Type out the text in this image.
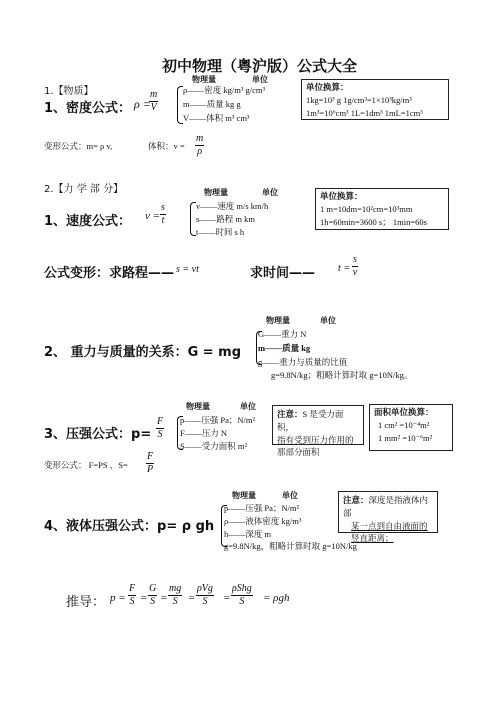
初中物理（粤沪版）公式大全
1.【物质】
1、密度公式： ρ =
$\frac{m}{V}$
物理量	单位
ρ——密度 kg/m³ g/cm³
m——质量 kg g
V——体积 m³ cm³
单位换算：
1kg=10³ g 1g/cm³=1×10³kg/m³
1m³=10⁶cm³ 1L=1dm³ 1mL=1cm³
变形公式：m= ρ v,	体积：$v = \frac{m}{\rho}$
2.【力 学 部 分】
1、速度公式： $v = \frac{s}{t}$
物理量	单位
v——速度 m/s km/h
s——路程 m km
t——时间 s h
单位换算：
1 m=10dm=10²cm=10³mm
1h=60min=3600 s； 1min=60s
公式变形：求路程—— s = vt	求时间—— $t = \frac{s}{v}$
物理量	单位
2、 重力与质量的关系：G = mg
G——重力 N
m——质量 kg
g——重力与质量的比值
g=9.8N/kg；粗略计算时取 g=10N/kg。
物理量	单位
3、压强公式：$p= \frac{F}{S}$ p——压强 Pa；N/m²
F——压力 N
S——受力面积 m²
注意：S 是受力面积，
指有受到压力作用的
那部分面积
面积单位换算：
1 cm² =10⁻⁴m²
1 mm² =10⁻⁶m²
变形公式： F=PS ，$S= \frac{F}{P}$
物理量	单位
4、液体压强公式：p= ρ gh
p——压强 Pa；N/m²
ρ——液体密度 kg/m³
h——深度 m
g=9.8N/kg，粗略计算时取 g=10N/kg
注意：深度是指液体内部
某一点到自由液面的
竖直距离；
推导： $p = \frac{F}{S} = \frac{G}{S} = \frac{mg}{S}$ =
ρVg
S	=
ρShg
S	= ρgh
